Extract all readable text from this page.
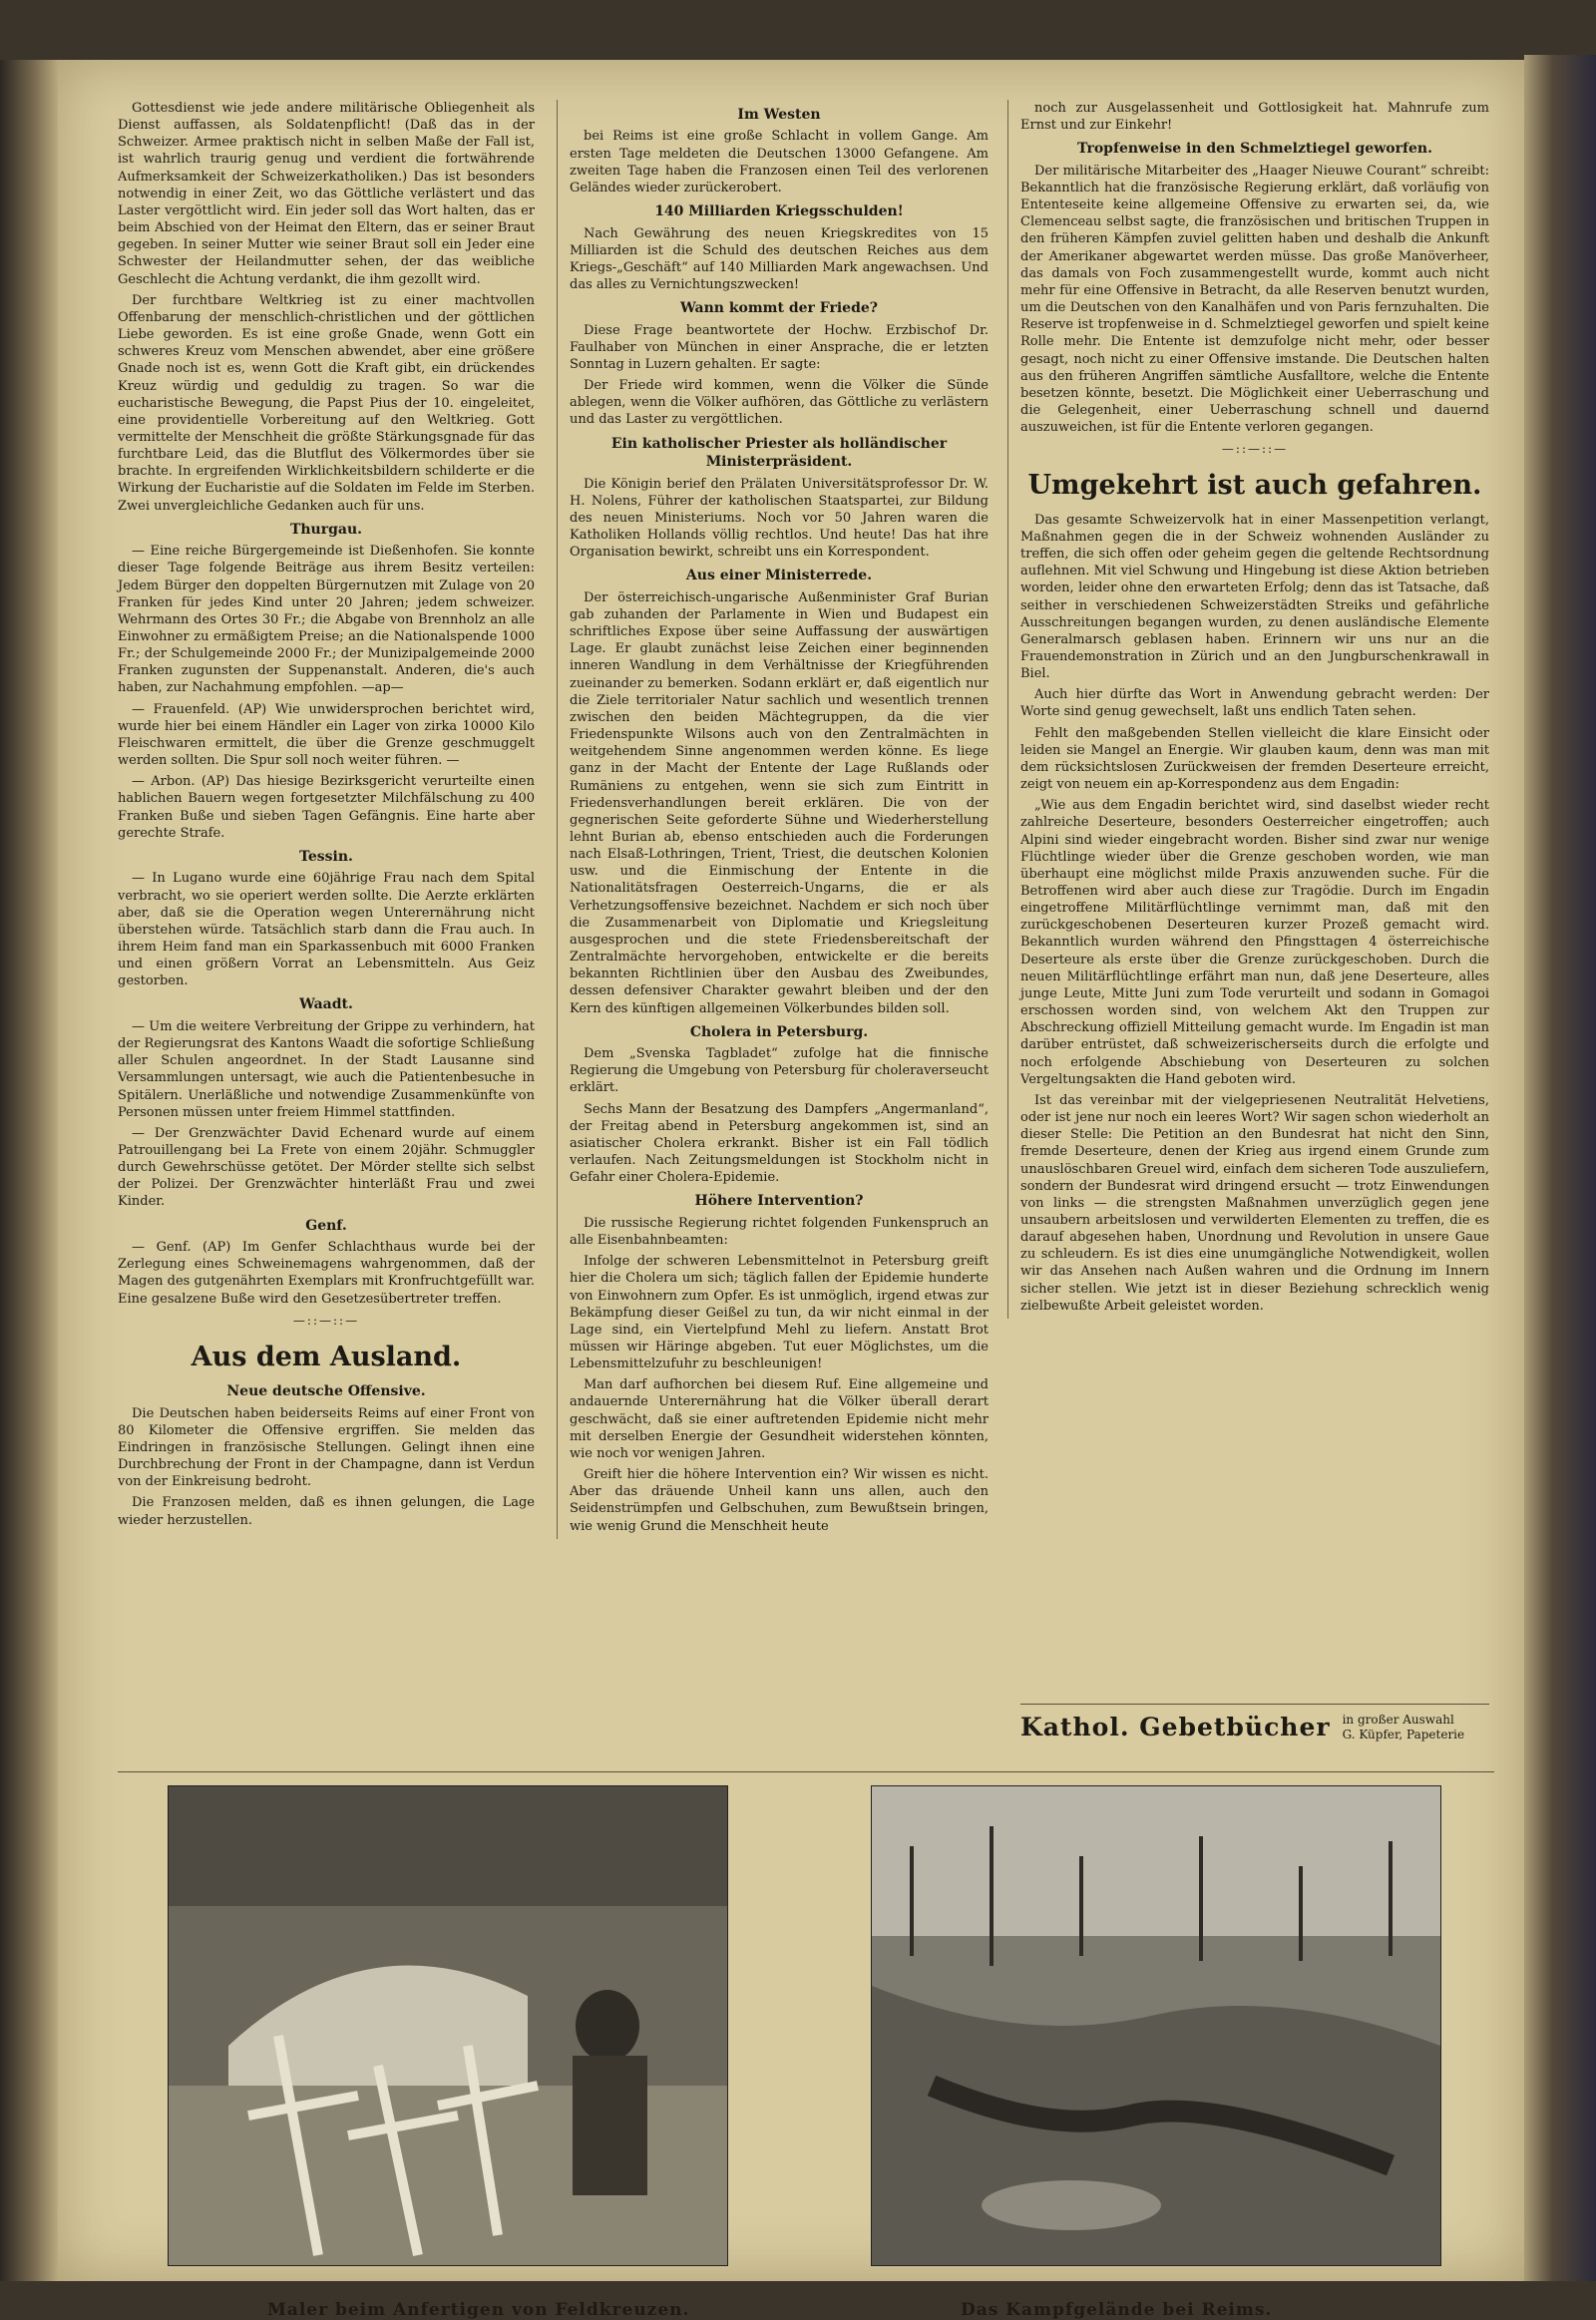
Gottesdienst wie jede andere militärische Obliegenheit als Dienst auffassen, als Soldatenpflicht! (Daß das in der Schweizer. Armee praktisch nicht in selben Maße der Fall ist, ist wahrlich traurig genug und verdient die fortwährende Aufmerksamkeit der Schweizerkatholiken.) Das ist besonders notwendig in einer Zeit, wo das Göttliche verlästert und das Laster vergöttlicht wird. Ein jeder soll das Wort halten, das er beim Abschied von der Heimat den Eltern, das er seiner Braut gegeben. In seiner Mutter wie seiner Braut soll ein Jeder eine Schwester der Heilandmutter sehen, der das weibliche Geschlecht die Achtung verdankt, die ihm gezollt wird.

Der furchtbare Weltkrieg ist zu einer machtvollen Offenbarung der menschlich-christlichen und der göttlichen Liebe geworden. Es ist eine große Gnade, wenn Gott ein schweres Kreuz vom Menschen abwendet, aber eine größere Gnade noch ist es, wenn Gott die Kraft gibt, ein drückendes Kreuz würdig und geduldig zu tragen. So war die eucharistische Bewegung, die Papst Pius der 10. eingeleitet, eine providentielle Vorbereitung auf den Weltkrieg. Gott vermittelte der Menschheit die größte Stärkungsgnade für das furchtbare Leid, das die Blutflut des Völkermordes über sie brachte. In ergreifenden Wirklichkeitsbildern schilderte er die Wirkung der Eucharistie auf die Soldaten im Felde im Sterben. Zwei unvergleichliche Gedanken auch für uns.

Thurgau.

— Eine reiche Bürgergemeinde ist Dießenhofen. Sie konnte dieser Tage folgende Beiträge aus ihrem Besitz verteilen: Jedem Bürger den doppelten Bürgernutzen mit Zulage von 20 Franken für jedes Kind unter 20 Jahren; jedem schweizer. Wehrmann des Ortes 30 Fr.; die Abgabe von Brennholz an alle Einwohner zu ermäßigtem Preise; an die Nationalspende 1000 Fr.; der Schulgemeinde 2000 Fr.; der Munizipalgemeinde 2000 Franken zugunsten der Suppenanstalt. Anderen, die's auch haben, zur Nachahmung empfohlen. —ap—

— Frauenfeld. (AP) Wie unwidersprochen berichtet wird, wurde hier bei einem Händler ein Lager von zirka 10000 Kilo Fleischwaren ermittelt, die über die Grenze geschmuggelt werden sollten. Die Spur soll noch weiter führen. —

— Arbon. (AP) Das hiesige Bezirksgericht verurteilte einen hablichen Bauern wegen fortgesetzter Milchfälschung zu 400 Franken Buße und sieben Tagen Gefängnis. Eine harte aber gerechte Strafe.

Tessin.

— In Lugano wurde eine 60jährige Frau nach dem Spital verbracht, wo sie operiert werden sollte. Die Aerzte erklärten aber, daß sie die Operation wegen Unterernährung nicht überstehen würde. Tatsächlich starb dann die Frau auch. In ihrem Heim fand man ein Sparkassenbuch mit 6000 Franken und einen größern Vorrat an Lebensmitteln. Aus Geiz gestorben.

Waadt.

— Um die weitere Verbreitung der Grippe zu verhindern, hat der Regierungsrat des Kantons Waadt die sofortige Schließung aller Schulen angeordnet. In der Stadt Lausanne sind Versammlungen untersagt, wie auch die Patientenbesuche in Spitälern. Unerläßliche und notwendige Zusammenkünfte von Personen müssen unter freiem Himmel stattfinden.

— Der Grenzwächter David Echenard wurde auf einem Patrouillengang bei La Frete von einem 20jähr. Schmuggler durch Gewehrschüsse getötet. Der Mörder stellte sich selbst der Polizei. Der Grenzwächter hinterläßt Frau und zwei Kinder.

Genf.

— Genf. (AP) Im Genfer Schlachthaus wurde bei der Zerlegung eines Schweinemagens wahrgenommen, daß der Magen des gutgenährten Exemplars mit Kronfruchtgefüllt war. Eine gesalzene Buße wird den Gesetzesübertreter treffen.

—::—::—
Aus dem Ausland.
Neue deutsche Offensive.

Die Deutschen haben beiderseits Reims auf einer Front von 80 Kilometer die Offensive ergriffen. Sie melden das Eindringen in französische Stellungen. Gelingt ihnen eine Durchbrechung der Front in der Champagne, dann ist Verdun von der Einkreisung bedroht.

Die Franzosen melden, daß es ihnen gelungen, die Lage wieder herzustellen.

Im Westen

bei Reims ist eine große Schlacht in vollem Gange. Am ersten Tage meldeten die Deutschen 13000 Gefangene. Am zweiten Tage haben die Franzosen einen Teil des verlorenen Geländes wieder zurückerobert.

140 Milliarden Kriegsschulden!

Nach Gewährung des neuen Kriegskredites von 15 Milliarden ist die Schuld des deutschen Reiches aus dem Kriegs-„Geschäft“ auf 140 Milliarden Mark angewachsen. Und das alles zu Vernichtungszwecken!

Wann kommt der Friede?

Diese Frage beantwortete der Hochw. Erzbischof Dr. Faulhaber von München in einer Ansprache, die er letzten Sonntag in Luzern gehalten. Er sagte:

Der Friede wird kommen, wenn die Völker die Sünde ablegen, wenn die Völker aufhören, das Göttliche zu verlästern und das Laster zu vergöttlichen.

Ein katholischer Priester als holländischer Ministerpräsident.

Die Königin berief den Prälaten Universitätsprofessor Dr. W. H. Nolens, Führer der katholischen Staatspartei, zur Bildung des neuen Ministeriums. Noch vor 50 Jahren waren die Katholiken Hollands völlig rechtlos. Und heute! Das hat ihre Organisation bewirkt, schreibt uns ein Korrespondent.

Aus einer Ministerrede.

Der österreichisch-ungarische Außenminister Graf Burian gab zuhanden der Parlamente in Wien und Budapest ein schriftliches Expose über seine Auffassung der auswärtigen Lage. Er glaubt zunächst leise Zeichen einer beginnenden inneren Wandlung in dem Verhältnisse der Kriegführenden zueinander zu bemerken. Sodann erklärt er, daß eigentlich nur die Ziele territorialer Natur sachlich und wesentlich trennen zwischen den beiden Mächtegruppen, da die vier Friedenspunkte Wilsons auch von den Zentralmächten in weitgehendem Sinne angenommen werden könne. Es liege ganz in der Macht der Entente der Lage Rußlands oder Rumäniens zu entgehen, wenn sie sich zum Eintritt in Friedensverhandlungen bereit erklären. Die von der gegnerischen Seite geforderte Sühne und Wiederherstellung lehnt Burian ab, ebenso entschieden auch die Forderungen nach Elsaß-Lothringen, Trient, Triest, die deutschen Kolonien usw. und die Einmischung der Entente in die Nationalitätsfragen Oesterreich-Ungarns, die er als Verhetzungsoffensive bezeichnet. Nachdem er sich noch über die Zusammenarbeit von Diplomatie und Kriegsleitung ausgesprochen und die stete Friedensbereitschaft der Zentralmächte hervorgehoben, entwickelte er die bereits bekannten Richtlinien über den Ausbau des Zweibundes, dessen defensiver Charakter gewahrt bleiben und der den Kern des künftigen allgemeinen Völkerbundes bilden soll.

Cholera in Petersburg.

Dem „Svenska Tagbladet“ zufolge hat die finnische Regierung die Umgebung von Petersburg für choleraverseucht erklärt.

Sechs Mann der Besatzung des Dampfers „Angermanland“, der Freitag abend in Petersburg angekommen ist, sind an asiatischer Cholera erkrankt. Bisher ist ein Fall tödlich verlaufen. Nach Zeitungsmeldungen ist Stockholm nicht in Gefahr einer Cholera-Epidemie.

Höhere Intervention?

Die russische Regierung richtet folgenden Funkenspruch an alle Eisenbahnbeamten:

Infolge der schweren Lebensmittelnot in Petersburg greift hier die Cholera um sich; täglich fallen der Epidemie hunderte von Einwohnern zum Opfer. Es ist unmöglich, irgend etwas zur Bekämpfung dieser Geißel zu tun, da wir nicht einmal in der Lage sind, ein Viertelpfund Mehl zu liefern. Anstatt Brot müssen wir Häringe abgeben. Tut euer Möglichstes, um die Lebensmittelzufuhr zu beschleunigen!

Man darf aufhorchen bei diesem Ruf. Eine allgemeine und andauernde Unterernährung hat die Völker überall derart geschwächt, daß sie einer auftretenden Epidemie nicht mehr mit derselben Energie der Gesundheit widerstehen könnten, wie noch vor wenigen Jahren.

Greift hier die höhere Intervention ein? Wir wissen es nicht. Aber das dräuende Unheil kann uns allen, auch den Seidenstrümpfen und Gelbschuhen, zum Bewußtsein bringen, wie wenig Grund die Menschheit heute

noch zur Ausgelassenheit und Gottlosigkeit hat. Mahnrufe zum Ernst und zur Einkehr!

Tropfenweise in den Schmelztiegel geworfen.

Der militärische Mitarbeiter des „Haager Nieuwe Courant“ schreibt: Bekanntlich hat die französische Regierung erklärt, daß vorläufig von Ententeseite keine allgemeine Offensive zu erwarten sei, da, wie Clemenceau selbst sagte, die französischen und britischen Truppen in den früheren Kämpfen zuviel gelitten haben und deshalb die Ankunft der Amerikaner abgewartet werden müsse. Das große Manöverheer, das damals von Foch zusammengestellt wurde, kommt auch nicht mehr für eine Offensive in Betracht, da alle Reserven benutzt wurden, um die Deutschen von den Kanalhäfen und von Paris fernzuhalten. Die Reserve ist tropfenweise in d. Schmelztiegel geworfen und spielt keine Rolle mehr. Die Entente ist demzufolge nicht mehr, oder besser gesagt, noch nicht zu einer Offensive imstande. Die Deutschen halten aus den früheren Angriffen sämtliche Ausfalltore, welche die Entente besetzen könnte, besetzt. Die Möglichkeit einer Ueberraschung und die Gelegenheit, einer Ueberraschung schnell und dauernd auszuweichen, ist für die Entente verloren gegangen.

—::—::—
Umgekehrt ist auch gefahren.

Das gesamte Schweizervolk hat in einer Massenpetition verlangt, Maßnahmen gegen die in der Schweiz wohnenden Ausländer zu treffen, die sich offen oder geheim gegen die geltende Rechtsordnung auflehnen. Mit viel Schwung und Hingebung ist diese Aktion betrieben worden, leider ohne den erwarteten Erfolg; denn das ist Tatsache, daß seither in verschiedenen Schweizerstädten Streiks und gefährliche Ausschreitungen begangen wurden, zu denen ausländische Elemente Generalmarsch geblasen haben. Erinnern wir uns nur an die Frauendemonstration in Zürich und an den Jungburschenkrawall in Biel.

Auch hier dürfte das Wort in Anwendung gebracht werden: Der Worte sind genug gewechselt, laßt uns endlich Taten sehen.

Fehlt den maßgebenden Stellen vielleicht die klare Einsicht oder leiden sie Mangel an Energie. Wir glauben kaum, denn was man mit dem rücksichtslosen Zurückweisen der fremden Deserteure erreicht, zeigt von neuem ein ap-Korrespondenz aus dem Engadin:

„Wie aus dem Engadin berichtet wird, sind daselbst wieder recht zahlreiche Deserteure, besonders Oesterreicher eingetroffen; auch Alpini sind wieder eingebracht worden. Bisher sind zwar nur wenige Flüchtlinge wieder über die Grenze geschoben worden, wie man überhaupt eine möglichst milde Praxis anzuwenden suche. Für die Betroffenen wird aber auch diese zur Tragödie. Durch im Engadin eingetroffene Militärflüchtlinge vernimmt man, daß mit den zurückgeschobenen Deserteuren kurzer Prozeß gemacht wird. Bekanntlich wurden während den Pfingsttagen 4 österreichische Deserteure als erste über die Grenze zurückgeschoben. Durch die neuen Militärflüchtlinge erfährt man nun, daß jene Deserteure, alles junge Leute, Mitte Juni zum Tode verurteilt und sodann in Gomagoi erschossen worden sind, von welchem Akt den Truppen zur Abschreckung offiziell Mitteilung gemacht wurde. Im Engadin ist man darüber entrüstet, daß schweizerischerseits durch die erfolgte und noch erfolgende Abschiebung von Deserteuren zu solchen Vergeltungsakten die Hand geboten wird.

Ist das vereinbar mit der vielgepriesenen Neutralität Helvetiens, oder ist jene nur noch ein leeres Wort? Wir sagen schon wiederholt an dieser Stelle: Die Petition an den Bundesrat hat nicht den Sinn, fremde Deserteure, denen der Krieg aus irgend einem Grunde zum unauslöschbaren Greuel wird, einfach dem sicheren Tode auszuliefern, sondern der Bundesrat wird dringend ersucht — trotz Einwendungen von links — die strengsten Maßnahmen unverzüglich gegen jene unsaubern arbeitslosen und verwilderten Elementen zu treffen, die es darauf abgesehen haben, Unordnung und Revolution in unsere Gaue zu schleudern. Es ist dies eine unumgängliche Notwendigkeit, wollen wir das Ansehen nach Außen wahren und die Ordnung im Innern sicher stellen. Wie jetzt ist in dieser Beziehung schrecklich wenig zielbewußte Arbeit geleistet worden.

Kathol. Gebetbücher in großer Auswahl
G. Küpfer, Papeterie
Maler beim Anfertigen von Feldkreuzen.	Das Kampfgelände bei Reims.
